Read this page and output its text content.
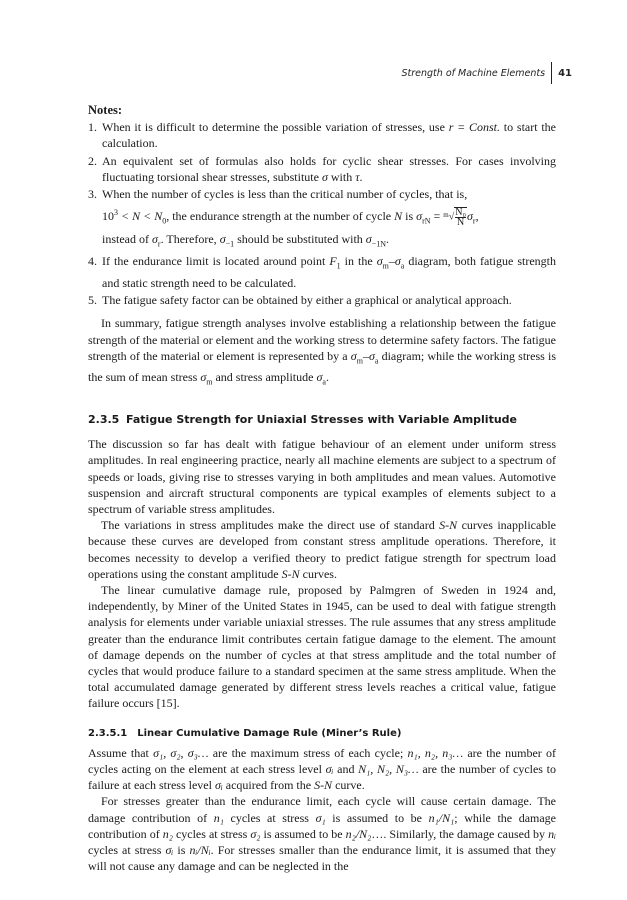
Strength of Machine Elements 41
Notes:
1. When it is difficult to determine the possible variation of stresses, use r = Const. to start the calculation.
2. An equivalent set of formulas also holds for cyclic shear stresses. For cases involving fluctuating torsional shear stresses, substitute σ with τ.
3. When the number of cycles is less than the critical number of cycles, that is,
$10^3 < N < N_0$, the endurance strength at the number of cycle N is $\sigma_{rN} = ^m√ \frac{\text{N₀}}{N} \sigma_r$,
instead of $\sigma_r$. Therefore, $\sigma_{-1}$ should be substituted with $\sigma_{-1N}$.
4. If the endurance limit is located around point $F_1$ in the $\sigma_m-\sigma_a$ diagram, both fatigue strength and static strength need to be calculated.
5. The fatigue safety factor can be obtained by either a graphical or analytical approach.

In summary, fatigue strength analyses involve establishing a relationship between the fatigue strength of the material or element and the working stress to determine safety factors. The fatigue strength of the material or element is represented by a $\sigma_m-\sigma_a$ diagram; while the working stress is the sum of mean stress $\sigma_m$ and stress amplitude $\sigma_a$.

2.3.5 Fatigue Strength for Uniaxial Stresses with Variable Amplitude

The discussion so far has dealt with fatigue behaviour of an element under uniform stress amplitudes. In real engineering practice, nearly all machine elements are subject to a spectrum of speeds or loads, giving rise to stresses varying in both amplitudes and mean values. Automotive suspension and aircraft structural components are typical examples of elements subject to a spectrum of variable stress amplitudes.

The variations in stress amplitudes make the direct use of standard S-N curves inapplicable because these curves are developed from constant stress amplitude operations. Therefore, it becomes necessity to develop a verified theory to predict fatigue strength for spectrum load operations using the constant amplitude S-N curves.

The linear cumulative damage rule, proposed by Palmgren of Sweden in 1924 and, independently, by Miner of the United States in 1945, can be used to deal with fatigue strength analysis for elements under variable uniaxial stresses. The rule assumes that any stress amplitude greater than the endurance limit contributes certain fatigue damage to the element. The amount of damage depends on the number of cycles at that stress amplitude and the total number of cycles that would produce failure to a standard specimen at the same stress amplitude. When the total accumulated damage generated by different stress levels reaches a critical value, fatigue failure occurs [15].

2.3.5.1 Linear Cumulative Damage Rule (Miner’s Rule)

Assume that σ₁, σ₂, σ₃… are the maximum stress of each cycle; n₁, n₂, n₃… are the number of cycles acting on the element at each stress level σᵢ and N₁, N₂, N₃… are the number of cycles to failure at each stress level σᵢ acquired from the S-N curve.

For stresses greater than the endurance limit, each cycle will cause certain damage. The damage contribution of n₁ cycles at stress σ₁ is assumed to be n₁/N₁; while the damage contribution of n₂ cycles at stress σ₂ is assumed to be n₂/N₂…. Similarly, the damage caused by nᵢ cycles at stress σᵢ is nᵢ/Nᵢ. For stresses smaller than the endurance limit, it is assumed that they will not cause any damage and can be neglected in the
